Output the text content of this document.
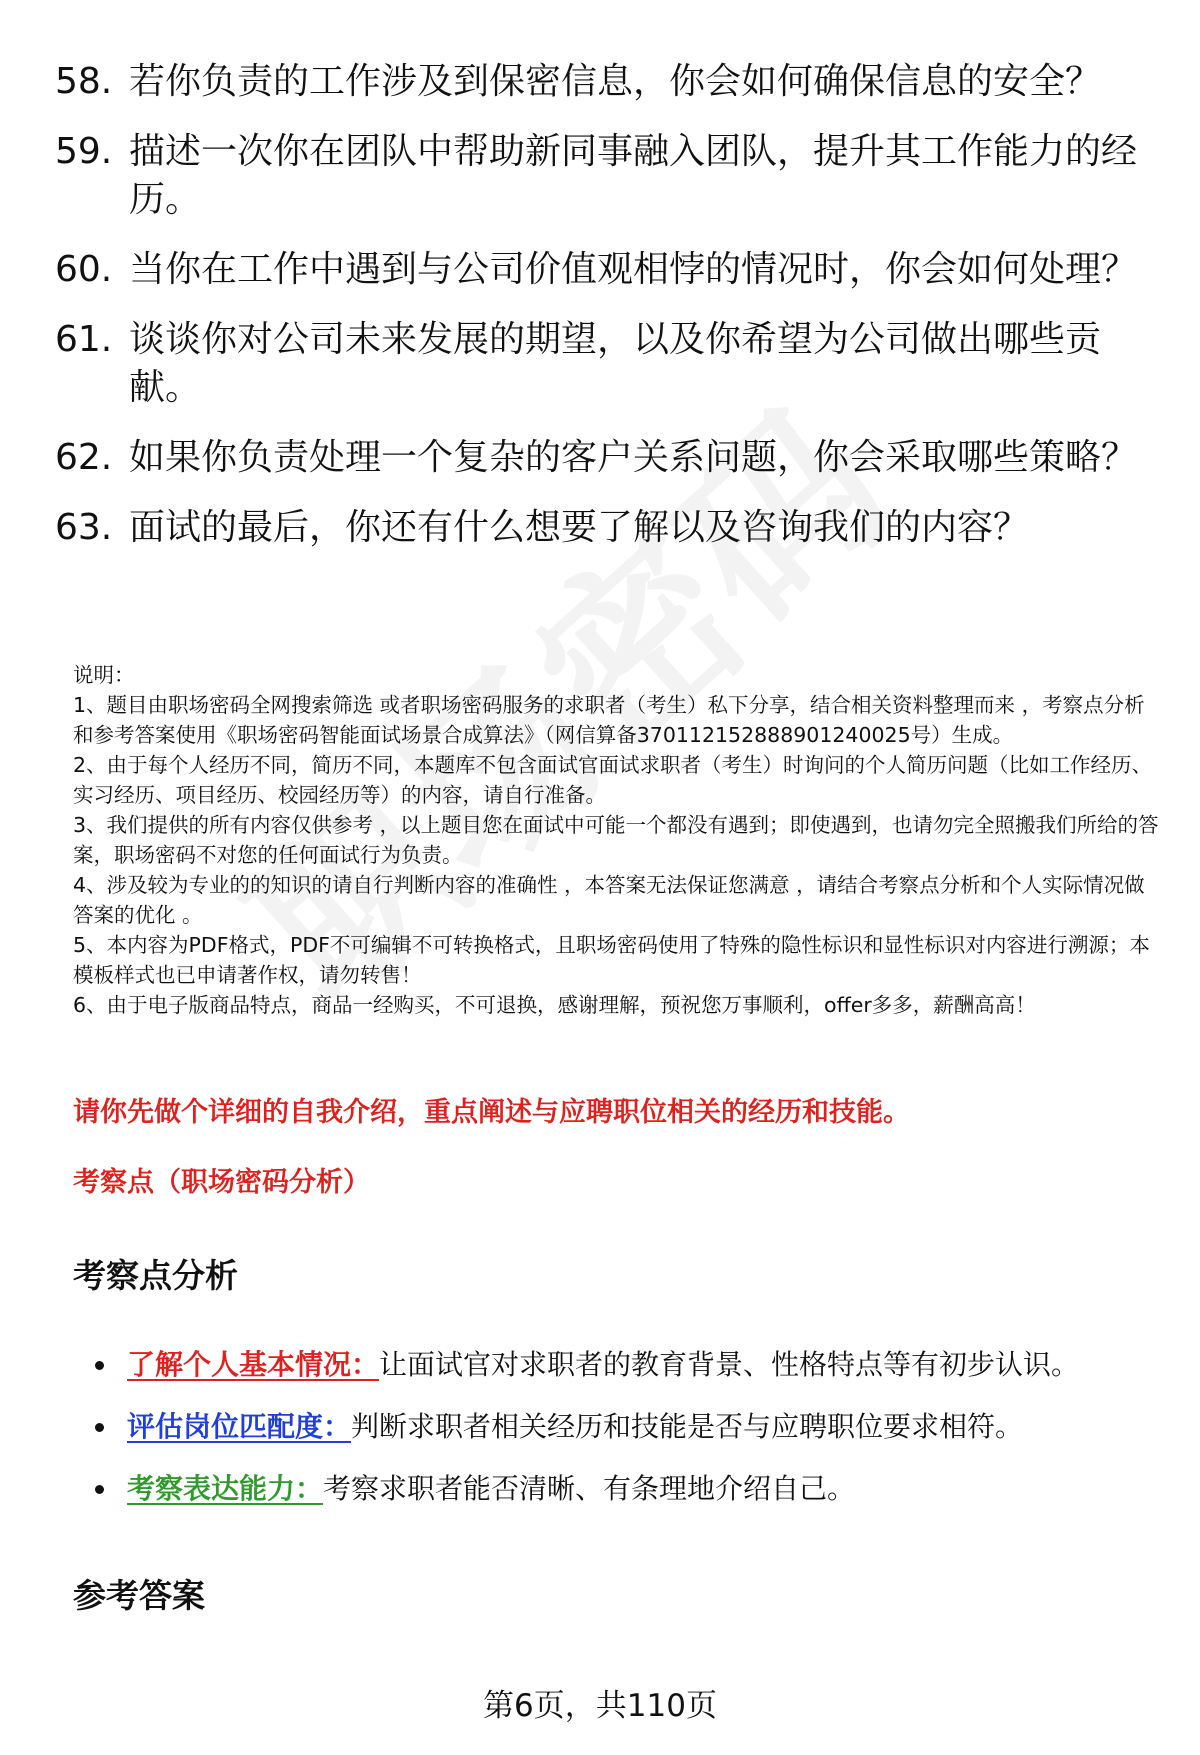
58. 若你负责的工作涉及到保密信息，你会如何确保信息的安全？
59. 描述一次你在团队中帮助新同事融入团队，提升其工作能力的经历。
60. 当你在工作中遇到与公司价值观相悖的情况时，你会如何处理？
61. 谈谈你对公司未来发展的期望，以及你希望为公司做出哪些贡献。
62. 如果你负责处理一个复杂的客户关系问题，你会采取哪些策略？
63. 面试的最后，你还有什么想要了解以及咨询我们的内容？

说明：

1、题目由职场密码全网搜索筛选 或者职场密码服务的求职者（考生）私下分享，结合相关资料整理而来 ，考察点分析和参考答案使用《职场密码智能面试场景合成算法》（网信算备370112152888901240025号）生成。

2、由于每个人经历不同，简历不同，本题库不包含面试官面试求职者（考生）时询问的个人简历问题（比如工作经历、实习经历、项目经历、校园经历等）的内容，请自行准备。

3、我们提供的所有内容仅供参考 ，以上题目您在面试中可能一个都没有遇到；即使遇到，也请勿完全照搬我们所给的答案，职场密码不对您的任何面试行为负责。

4、涉及较为专业的的知识的请自行判断内容的准确性 ，本答案无法保证您满意 ，请结合考察点分析和个人实际情况做答案的优化 。

5、本内容为PDF格式，PDF不可编辑不可转换格式，且职场密码使用了特殊的隐性标识和显性标识对内容进行溯源；本模板样式也已申请著作权，请勿转售！

6、由于电子版商品特点，商品一经购买，不可退换，感谢理解，预祝您万事顺利，offer多多，薪酬高高！

请你先做个详细的自我介绍，重点阐述与应聘职位相关的经历和技能。
考察点（职场密码分析）
考察点分析
了解个人基本情况： 让面试官对求职者的教育背景、性格特点等有初步认识。
评估岗位匹配度： 判断求职者相关经历和技能是否与应聘职位要求相符。
考察表达能力： 考察求职者能否清晰、有条理地介绍自己。
参考答案
第6页，共110页
